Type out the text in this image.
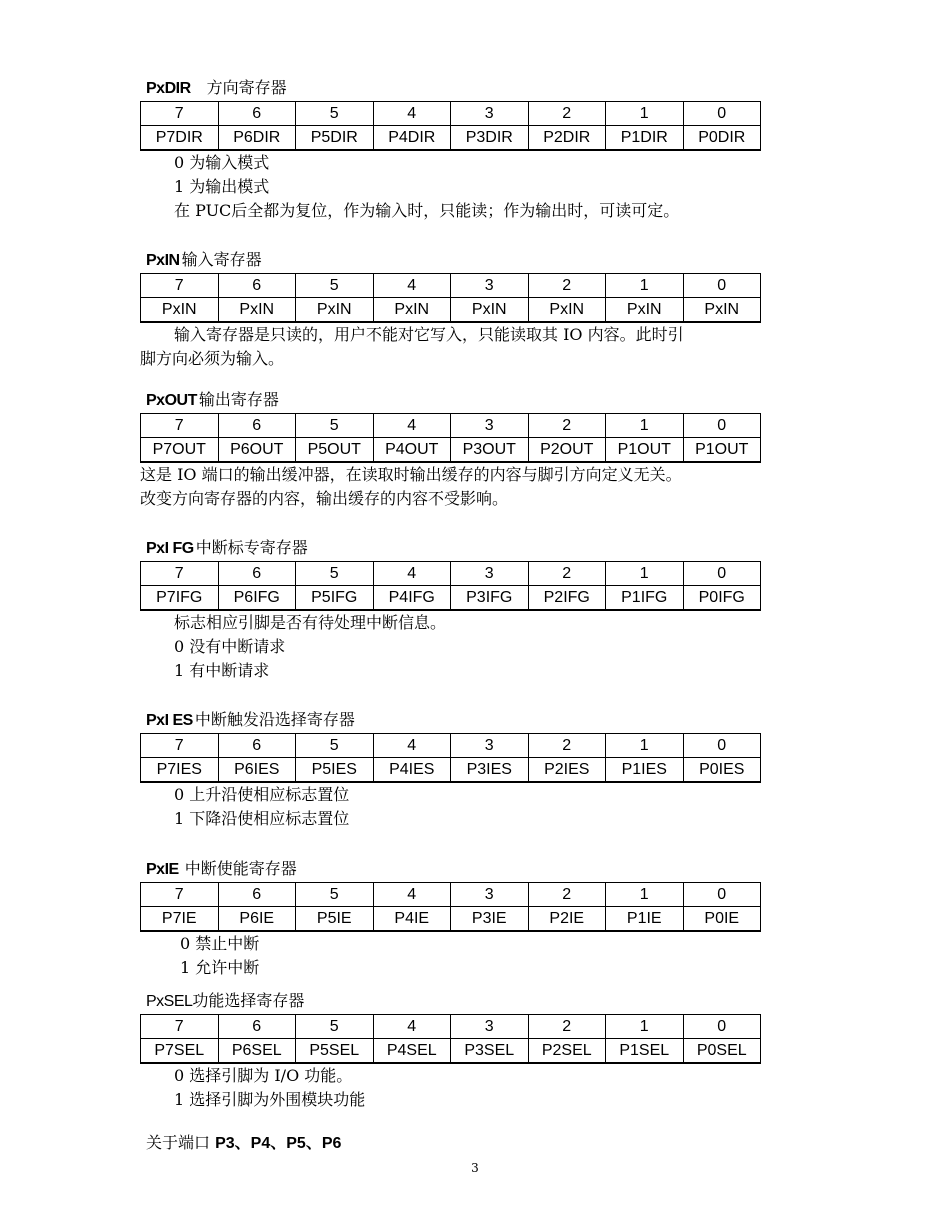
PxDIR 方向寄存器
7	6	5	4	3	2	1	0
P7DIR	P6DIR	P5DIR	P4DIR	P3DIR	P2DIR	P1DIR	P0DIR
0 为输入模式
1 为输出模式
在 PUC后全都为复位，作为输入时，只能读；作为输出时，可读可定。
PxIN 输入寄存器
7	6	5	4	3	2	1	0
PxIN	PxIN	PxIN	PxIN	PxIN	PxIN	PxIN	PxIN
输入寄存器是只读的，用户不能对它写入，只能读取其 IO 内容。此时引
脚方向必须为输入。
PxOUT 输出寄存器
7	6	5	4	3	2	1	0
P7OUT	P6OUT	P5OUT	P4OUT	P3OUT	P2OUT	P1OUT	P1OUT
这是 IO 端口的输出缓冲器，在读取时输出缓存的内容与脚引方向定义无关。
改变方向寄存器的内容，输出缓存的内容不受影响。
PxI FG 中断标专寄存器
7	6	5	4	3	2	1	0
P7IFG	P6IFG	P5IFG	P4IFG	P3IFG	P2IFG	P1IFG	P0IFG
标志相应引脚是否有待处理中断信息。
0 没有中断请求
1 有中断请求
PxI ES 中断触发沿选择寄存器
7	6	5	4	3	2	1	0
P7IES	P6IES	P5IES	P4IES	P3IES	P2IES	P1IES	P0IES
0 上升沿使相应标志置位
1 下降沿使相应标志置位
PxIE 中断使能寄存器
7	6	5	4	3	2	1	0
P7IE	P6IE	P5IE	P4IE	P3IE	P2IE	P1IE	P0IE
0 禁止中断
1 允许中断
PxSEL功能选择寄存器
7	6	5	4	3	2	1	0
P7SEL	P6SEL	P5SEL	P4SEL	P3SEL	P2SEL	P1SEL	P0SEL
0 选择引脚为 I/O 功能。
1 选择引脚为外围模块功能
关于端口 P3、P4、P5、P6
3
